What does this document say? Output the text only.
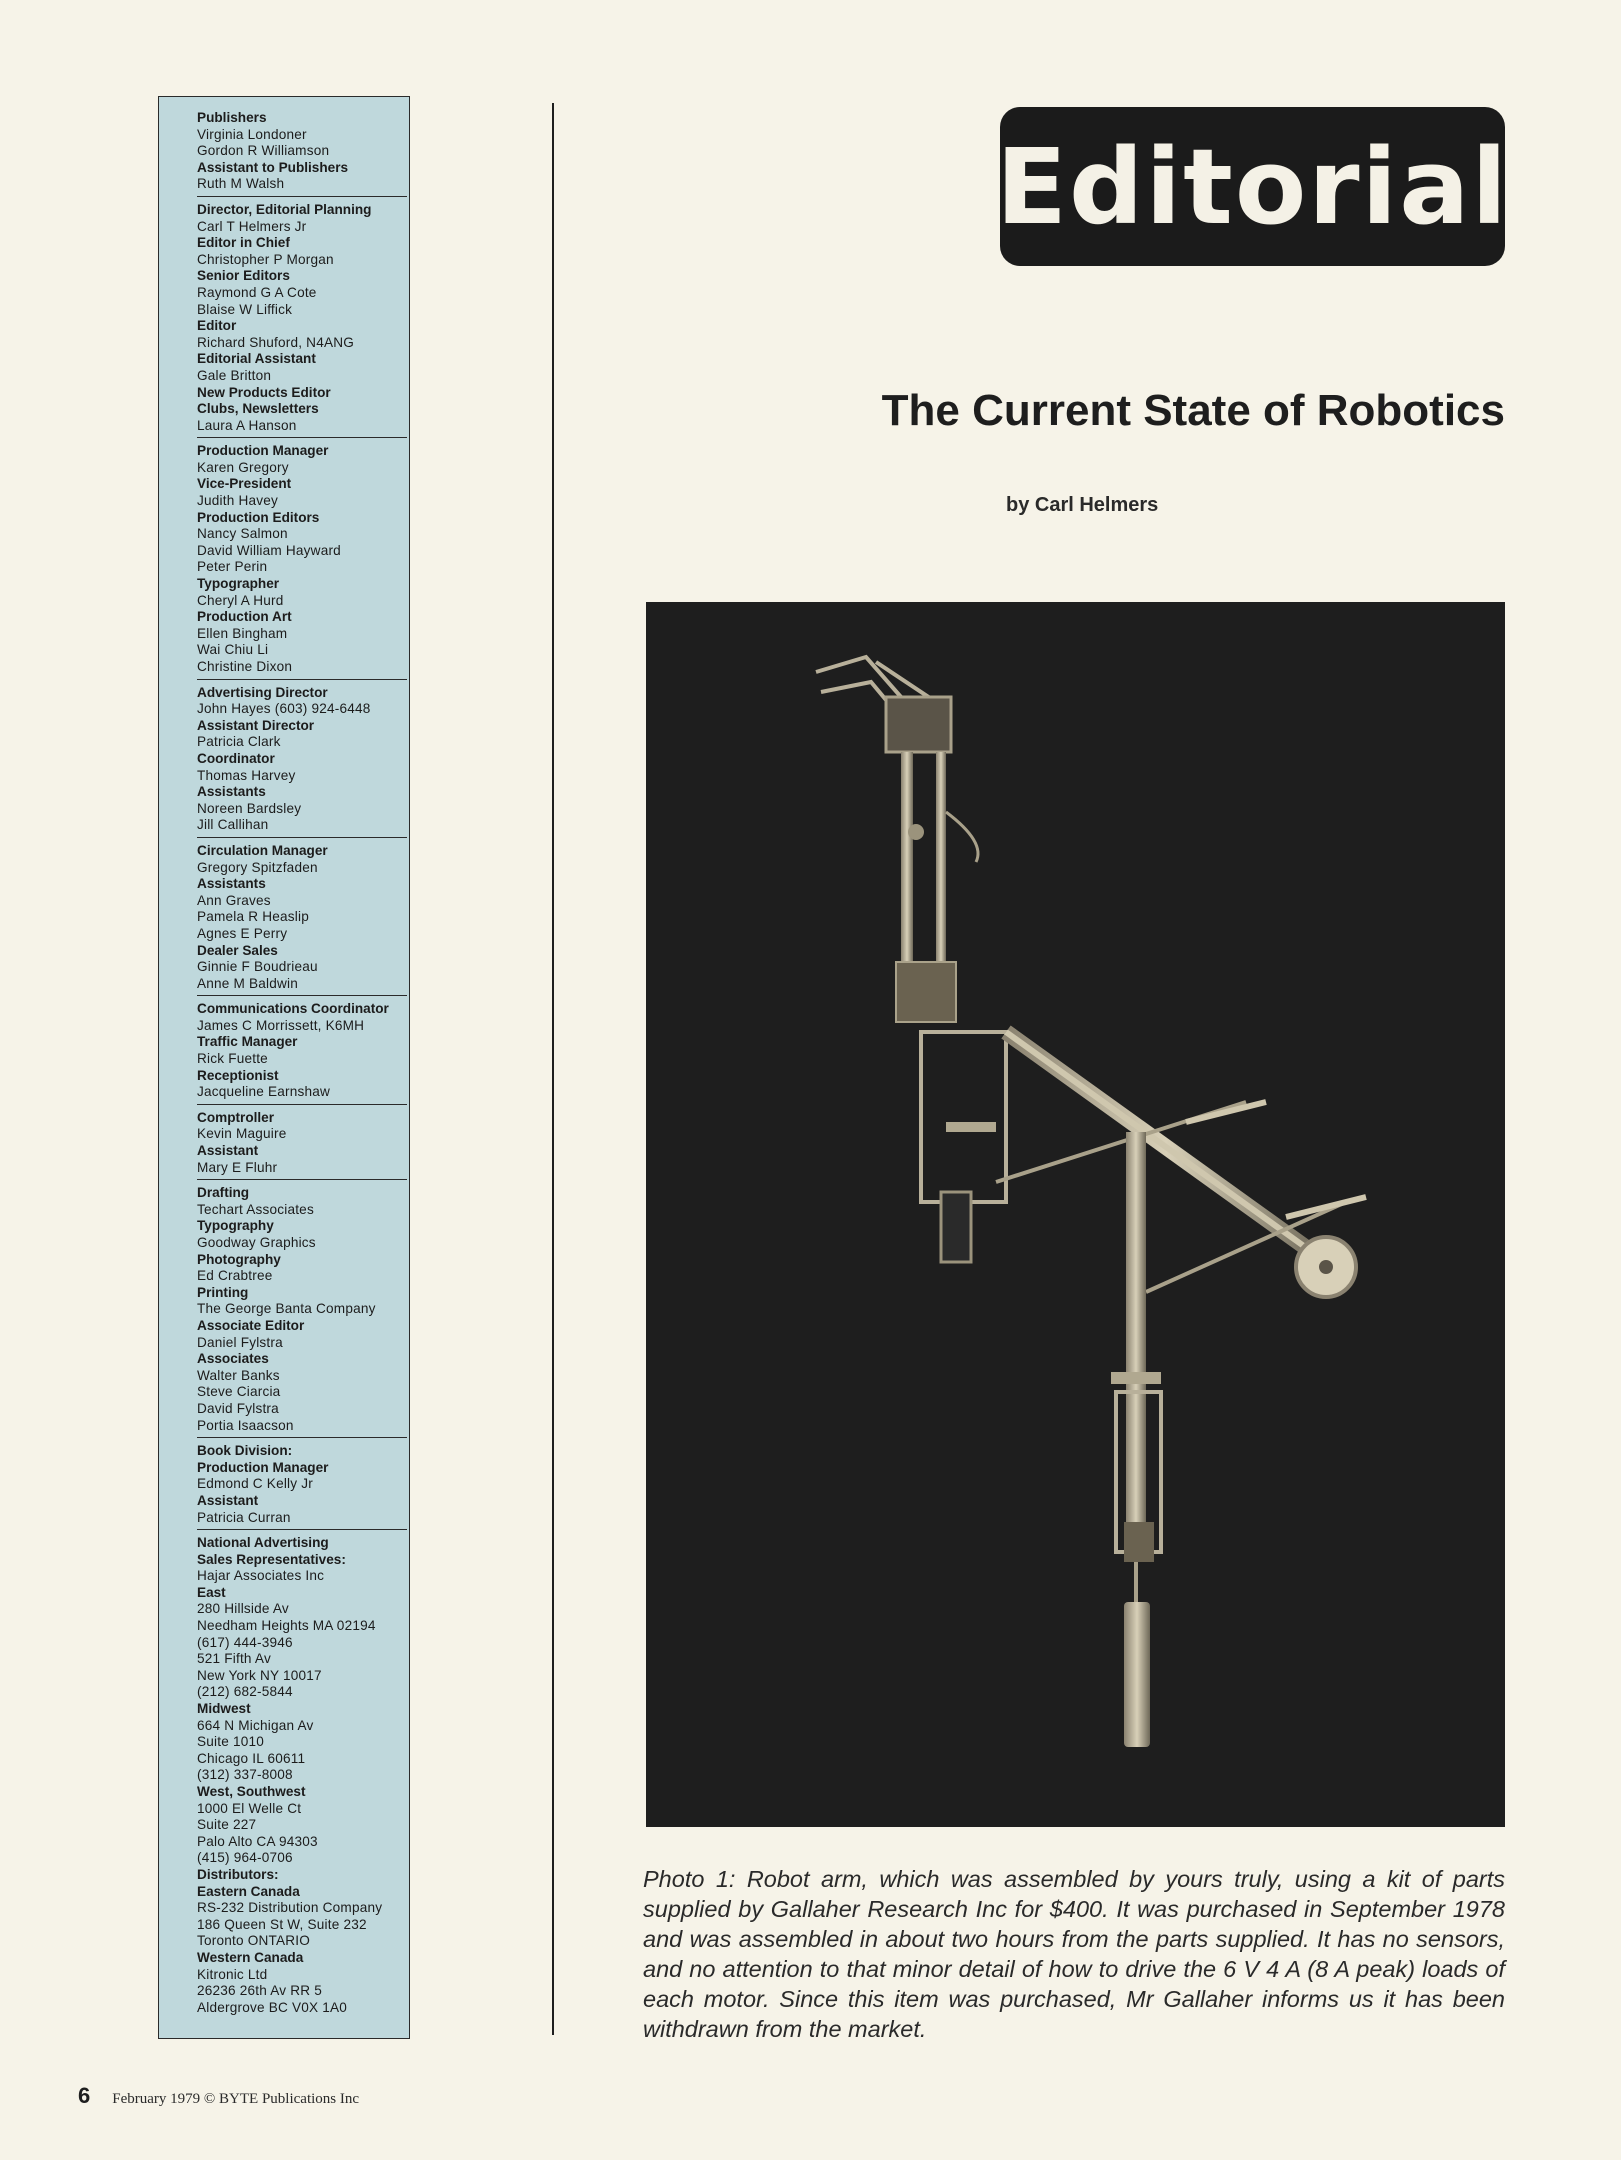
Publishers
Virginia Londoner
Gordon R Williamson
Assistant to Publishers
Ruth M Walsh
Director, Editorial Planning
Carl T Helmers Jr
Editor in Chief
Christopher P Morgan
Senior Editors
Raymond G A Cote
Blaise W Liffick
Editor
Richard Shuford, N4ANG
Editorial Assistant
Gale Britton
New Products Editor
Clubs, Newsletters
Laura A Hanson
Production Manager
Karen Gregory
Vice-President
Judith Havey
Production Editors
Nancy Salmon
David William Hayward
Peter Perin
Typographer
Cheryl A Hurd
Production Art
Ellen Bingham
Wai Chiu Li
Christine Dixon
Advertising Director
John Hayes (603) 924-6448
Assistant Director
Patricia Clark
Coordinator
Thomas Harvey
Assistants
Noreen Bardsley
Jill Callihan
Circulation Manager
Gregory Spitzfaden
Assistants
Ann Graves
Pamela R Heaslip
Agnes E Perry
Dealer Sales
Ginnie F Boudrieau
Anne M Baldwin
Communications Coordinator
James C Morrissett, K6MH
Traffic Manager
Rick Fuette
Receptionist
Jacqueline Earnshaw
Comptroller
Kevin Maguire
Assistant
Mary E Fluhr
Drafting
Techart Associates
Typography
Goodway Graphics
Photography
Ed Crabtree
Printing
The George Banta Company
Associate Editor
Daniel Fylstra
Associates
Walter Banks
Steve Ciarcia
David Fylstra
Portia Isaacson
Book Division:
Production Manager
Edmond C Kelly Jr
Assistant
Patricia Curran
National Advertising
Sales Representatives:
Hajar Associates Inc
East
280 Hillside Av
Needham Heights MA 02194
(617) 444-3946
521 Fifth Av
New York NY 10017
(212) 682-5844
Midwest
664 N Michigan Av
Suite 1010
Chicago IL 60611
(312) 337-8008
West, Southwest
1000 El Welle Ct
Suite 227
Palo Alto CA 94303
(415) 964-0706
Distributors:
Eastern Canada
RS-232 Distribution Company
186 Queen St W, Suite 232
Toronto ONTARIO
Western Canada
Kitronic Ltd
26236 26th Av RR 5
Aldergrove BC V0X 1A0
Editorial
The Current State of Robotics
by Carl Helmers
Photo 1: Robot arm, which was assembled by yours truly, using a kit of parts supplied by Gallaher Research Inc for $400. It was purchased in September 1978 and was assembled in about two hours from the parts supplied. It has no sensors, and no attention to that minor detail of how to drive the 6 V 4 A (8 A peak) loads of each motor. Since this item was purchased, Mr Gallaher informs us it has been withdrawn from the market.
6 February 1979 © BYTE Publications Inc
